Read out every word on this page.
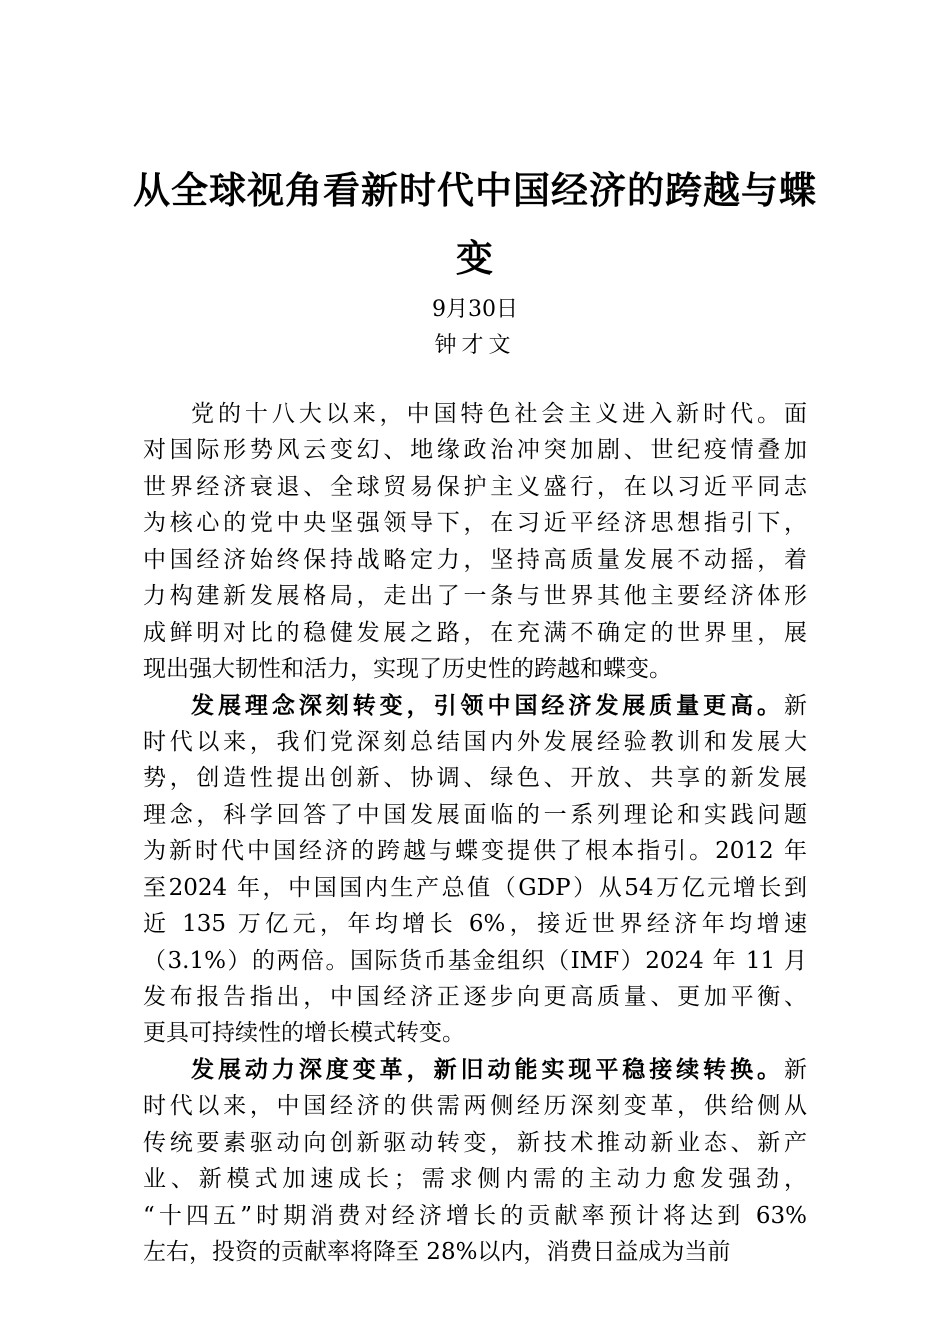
从全球视角看新时代中国经济的跨越与蝶
变
9月30日
钟才文
党的十八大以来，中国特色社会主义进入新时代。面
对国际形势风云变幻、地缘政治冲突加剧、世纪疫情叠加
世界经济衰退、全球贸易保护主义盛行，在以习近平同志
为核心的党中央坚强领导下，在习近平经济思想指引下，
中国经济始终保持战略定力，坚持高质量发展不动摇，着
力构建新发展格局，走出了一条与世界其他主要经济体形
成鲜明对比的稳健发展之路，在充满不确定的世界里，展
现出强大韧性和活力，实现了历史性的跨越和蝶变。
发展理念深刻转变，引领中国经济发展质量更高。新
时代以来，我们党深刻总结国内外发展经验教训和发展大
势，创造性提出创新、协调、绿色、开放、共享的新发展
理念，科学回答了中国发展面临的一系列理论和实践问题
为新时代中国经济的跨越与蝶变提供了根本指引。2012 年
至2024 年，中国国内生产总值（GDP）从54万亿元增长到
近 135 万亿元，年均增长 6%，接近世界经济年均增速
（3.1%）的两倍。国际货币基金组织（IMF）2024 年 11 月
发布报告指出，中国经济正逐步向更高质量、更加平衡、
更具可持续性的增长模式转变。
发展动力深度变革，新旧动能实现平稳接续转换。新
时代以来，中国经济的供需两侧经历深刻变革，供给侧从
传统要素驱动向创新驱动转变，新技术推动新业态、新产
业、新模式加速成长；需求侧内需的主动力愈发强劲，
“十四五”时期消费对经济增长的贡献率预计将达到 63%
左右，投资的贡献率将降至 28%以内，消费日益成为当前
